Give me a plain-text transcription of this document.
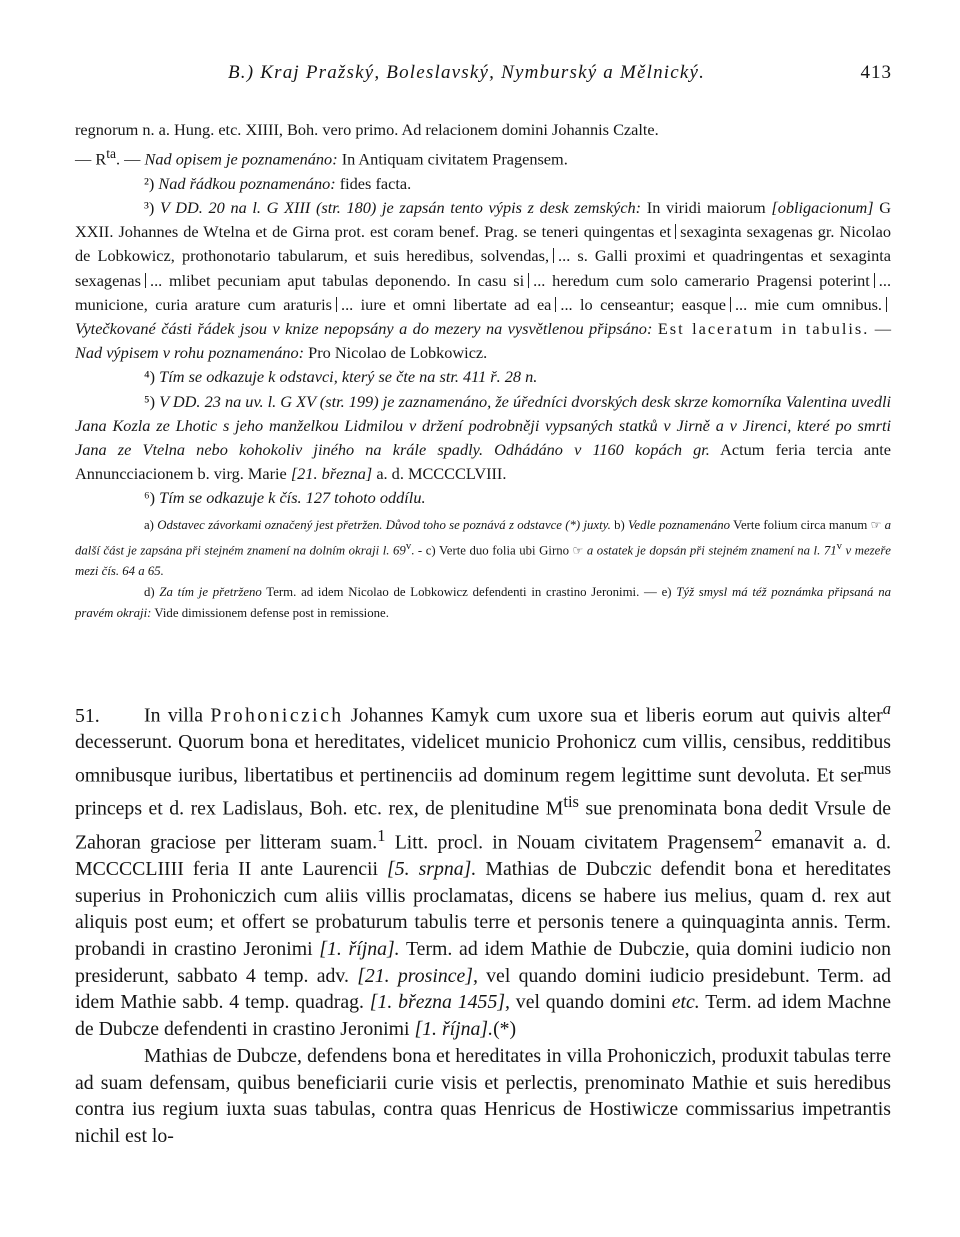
B.) Kraj Pražský, Boleslavský, Nymburský a Mělnický.	413

regnorum n. a. Hung. etc. XIIII, Boh. vero primo. Ad relacionem domini Johannis Czalte.
— $R^{ta}$. — Nad opisem je poznamenáno: In Antiquam civitatem Pragensem.

²) Nad řádkou poznamenáno: fides facta.

³) V DD. 20 na l. G XIII (str. 180) je zapsán tento výpis z desk zemských: In viridi maiorum [obligacionum] G XXII. Johannes de Wtelna et de Girna prot. est coram benef. Prag. se teneri quingentas et sexaginta sexagenas gr. Nicolao de Lobkowicz, prothonotario tabularum, et suis heredibus, solvendas, ... s. Galli proximi et quadringentas et sexaginta sexagenas ... mlibet pecuniam aput tabulas deponendo. In casu si ... heredum cum solo camerario Pragensi poterint ... municione, curia arature cum araturis ... iure et omni libertate ad ea ... lo censeantur; easque ... mie cum omnibus.Vytečkované části řádek jsou v knize nepopsány a do mezery na vysvětlenou připsáno: Est laceratum in tabulis. —Nad výpisem v rohu poznamenáno: Pro Nicolao de Lobkowicz.

⁴) Tím se odkazuje k odstavci, který se čte na str. 411 ř. 28 n.

⁵) V DD. 23 na uv. l. G XV (str. 199) je zaznamenáno, že úředníci dvorských desk skrze komorníka Valentina uvedli Jana Kozla ze Lhotic s jeho manželkou Lidmilou v držení podrobněji vypsaných statků v Jirně a v Jirenci, které po smrti Jana ze Vtelna nebo kohokoliv jiného na krále spadly. Odhádáno v 1160 kopách gr. Actum feria tercia ante Annuncciacionem b. virg. Marie [21. března] a. d. MCCCCLVIII.

⁶) Tím se odkazuje k čís. 127 tohoto oddílu.

a) Odstavec závorkami označený jest přetržen. Důvod toho se poznává z odstavce (*) juxty. b) Vedle poznamenáno Verte folium circa manum ☞ a další část je zapsána při stejném znamení na dolním okraji l. 69$^v$. - c) Verte duo folia ubi Girno ☞ a ostatek je dopsán při stejném znamení na l. 71$^v$ v mezeře mezi čís. 64 a 65.

d) Za tím je přetrženo Term. ad idem Nicolao de Lobkowicz defendenti in crastino Jeronimi. — e) Týž smysl má též poznámka připsaná na pravém okraji: Vide dimissionem defense post in remissione.

51. In villa Prohoniczich Johannes Kamyk cum uxore sua et liberis eorum aut quivis alter$^a$ decesserunt. Quorum bona et hereditates, videlicet municio Prohonicz cum villis, censibus, redditibus omnibusque iuribus, libertatibus et pertinenciis ad dominum regem legittime sunt devoluta. Et ser$^{mus}$ princeps et d. rex Ladislaus, Boh. etc. rex, de plenitudine $M^{tis}$ sue prenominata bona dedit Vrsule de Zahoran graciose per litteram suam.$^1$ Litt. procl. in Nouam civitatem Pragensem$^2$ emanavit a. d. MCCCCLIIII feria II ante Laurencii [5. srpna]. Mathias de Dubczic defendit bona et hereditates superius in Prohoniczich cum aliis villis proclamatas, dicens se habere ius melius, quam d. rex aut aliquis post eum; et offert se probaturum tabulis terre et personis tenere a quinquaginta annis. Term. probandi in crastino Jeronimi [1. října]. Term. ad idem Mathie de Dubczie, quia domini iudicio non presiderunt, sabbato 4 temp. adv. [21. prosince], vel quando domini iudicio presidebunt. Term. ad idem Mathie sabb. 4 temp. quadrag. [1. března 1455], vel quando domini etc. Term. ad idem Machne de Dubcze defendenti in crastino Jeronimi [1. října].(*)

Mathias de Dubcze, defendens bona et hereditates in villa Prohoniczich, produxit tabulas terre ad suam defensam, quibus beneficiarii curie visis et perlectis, prenominato Mathie et suis heredibus contra ius regium iuxta suas tabulas, contra quas Henricus de Hostiwicze commissarius impetrantis nichil est lo-
